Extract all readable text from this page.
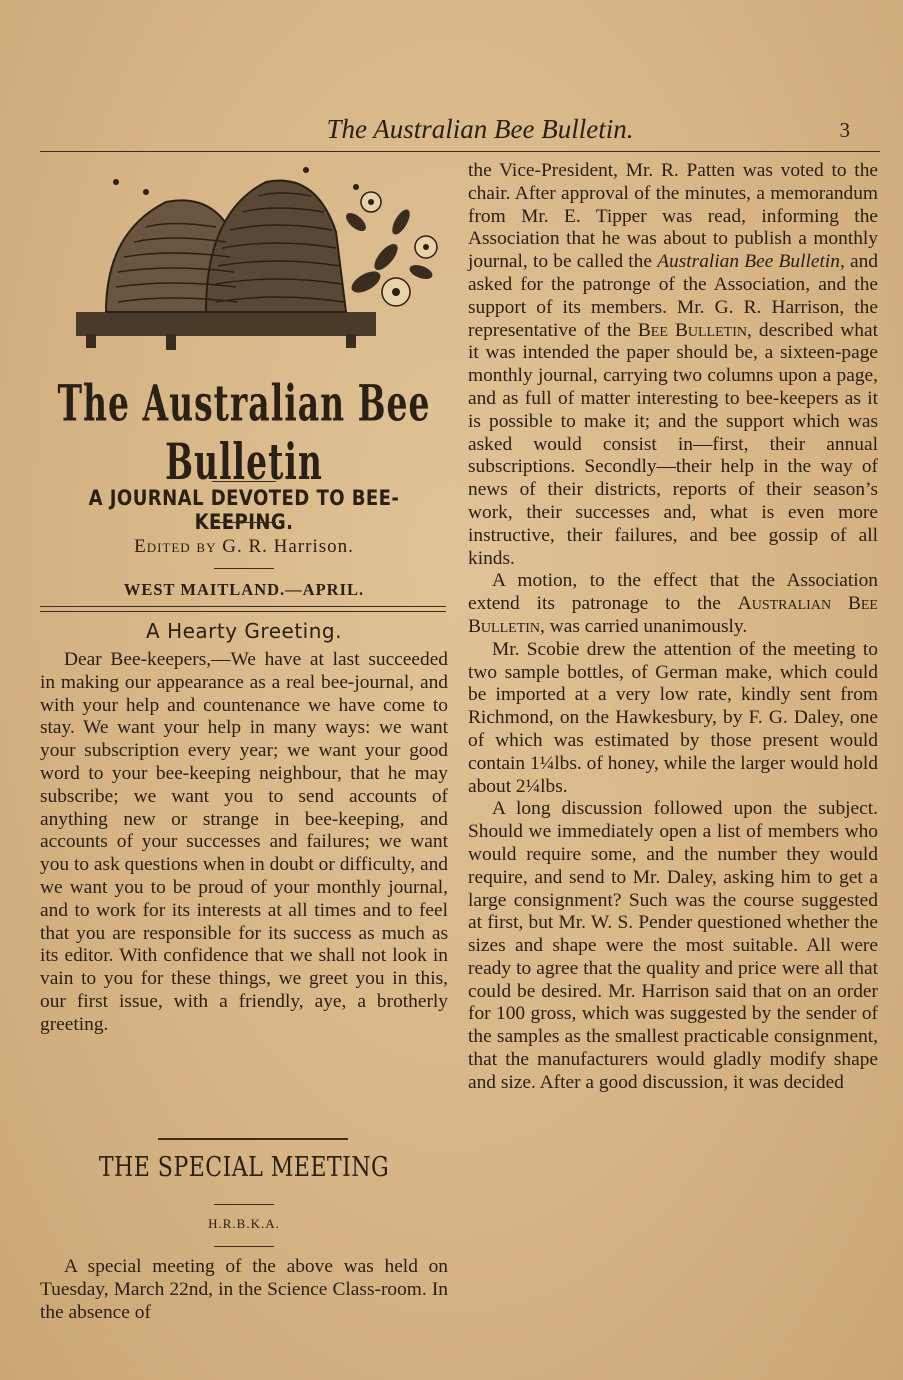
The Australian Bee Bulletin.	3
The Australian Bee Bulletin
A JOURNAL DEVOTED TO BEE-KEEPING.
Edited by G. R. Harrison.
WEST MAITLAND.—APRIL.
A Hearty Greeting.

Dear Bee-keepers,—We have at last succeeded in making our appearance as a real bee-journal, and with your help and countenance we have come to stay. We want your help in many ways: we want your subscription every year; we want your good word to your bee-keeping neighbour, that he may subscribe; we want you to send accounts of anything new or strange in bee-keeping, and accounts of your successes and failures; we want you to ask questions when in doubt or difficulty, and we want you to be proud of your monthly journal, and to work for its interests at all times and to feel that you are responsible for its success as much as its editor. With confidence that we shall not look in vain to you for these things, we greet you in this, our first issue, with a friendly, aye, a brotherly greeting.

THE SPECIAL MEETING
H.R.B.K.A.

A special meeting of the above was held on Tuesday, March 22nd, in the Science Class-room. In the absence of

the Vice-President, Mr. R. Patten was voted to the chair. After approval of the minutes, a memorandum from Mr. E. Tipper was read, informing the Association that he was about to publish a monthly journal, to be called the Australian Bee Bulletin, and asked for the patronge of the Association, and the support of its members. Mr. G. R. Harrison, the representative of the Bee Bulletin, described what it was intended the paper should be, a sixteen-page monthly journal, carrying two columns upon a page, and as full of matter interesting to bee-keepers as it is possible to make it; and the support which was asked would consist in—first, their annual subscriptions. Secondly—their help in the way of news of their districts, reports of their season’s work, their successes and, what is even more instructive, their failures, and bee gossip of all kinds.

A motion, to the effect that the Association extend its patronage to the Australian Bee Bulletin, was carried unanimously.

Mr. Scobie drew the attention of the meeting to two sample bottles, of German make, which could be imported at a very low rate, kindly sent from Richmond, on the Hawkesbury, by F. G. Daley, one of which was estimated by those present would contain 1¼lbs. of honey, while the larger would hold about 2¼lbs.

A long discussion followed upon the subject. Should we immediately open a list of members who would require some, and the number they would require, and send to Mr. Daley, asking him to get a large consignment? Such was the course suggested at first, but Mr. W. S. Pender questioned whether the sizes and shape were the most suitable. All were ready to agree that the quality and price were all that could be desired. Mr. Harrison said that on an order for 100 gross, which was suggested by the sender of the samples as the smallest practicable consignment, that the manufacturers would gladly modify shape and size. After a good discussion, it was decided
